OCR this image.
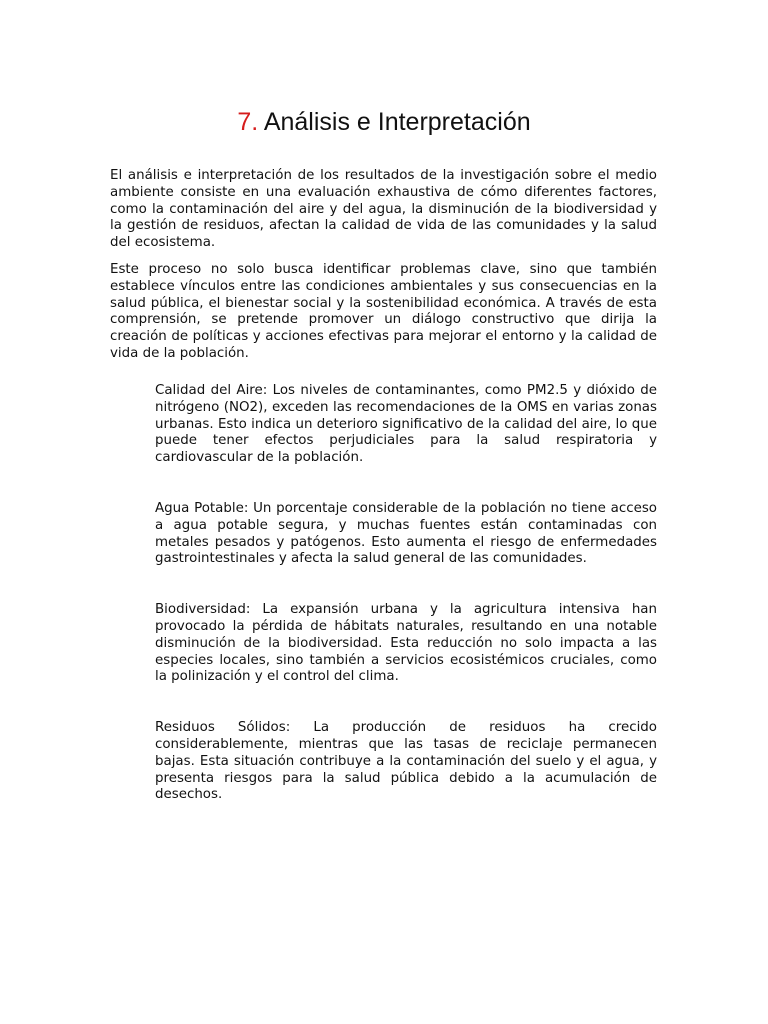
7. Análisis e Interpretación

El análisis e interpretación de los resultados de la investigación sobre el medio ambiente consiste en una evaluación exhaustiva de cómo diferentes factores, como la contaminación del aire y del agua, la disminución de la biodiversidad y la gestión de residuos, afectan la calidad de vida de las comunidades y la salud del ecosistema.

Este proceso no solo busca identificar problemas clave, sino que también establece vínculos entre las condiciones ambientales y sus consecuencias en la salud pública, el bienestar social y la sostenibilidad económica. A través de esta comprensión, se pretende promover un diálogo constructivo que dirija la creación de políticas y acciones efectivas para mejorar el entorno y la calidad de vida de la población.

Calidad del Aire: Los niveles de contaminantes, como PM2.5 y dióxido de nitrógeno (NO2), exceden las recomendaciones de la OMS en varias zonas urbanas. Esto indica un deterioro significativo de la calidad del aire, lo que puede tener efectos perjudiciales para la salud respiratoria y cardiovascular de la población.

Agua Potable: Un porcentaje considerable de la población no tiene acceso a agua potable segura, y muchas fuentes están contaminadas con metales pesados y patógenos. Esto aumenta el riesgo de enfermedades gastrointestinales y afecta la salud general de las comunidades.

Biodiversidad: La expansión urbana y la agricultura intensiva han provocado la pérdida de hábitats naturales, resultando en una notable disminución de la biodiversidad. Esta reducción no solo impacta a las especies locales, sino también a servicios ecosistémicos cruciales, como la polinización y el control del clima.

Residuos Sólidos: La producción de residuos ha crecido considerablemente, mientras que las tasas de reciclaje permanecen bajas. Esta situación contribuye a la contaminación del suelo y el agua, y presenta riesgos para la salud pública debido a la acumulación de desechos.
